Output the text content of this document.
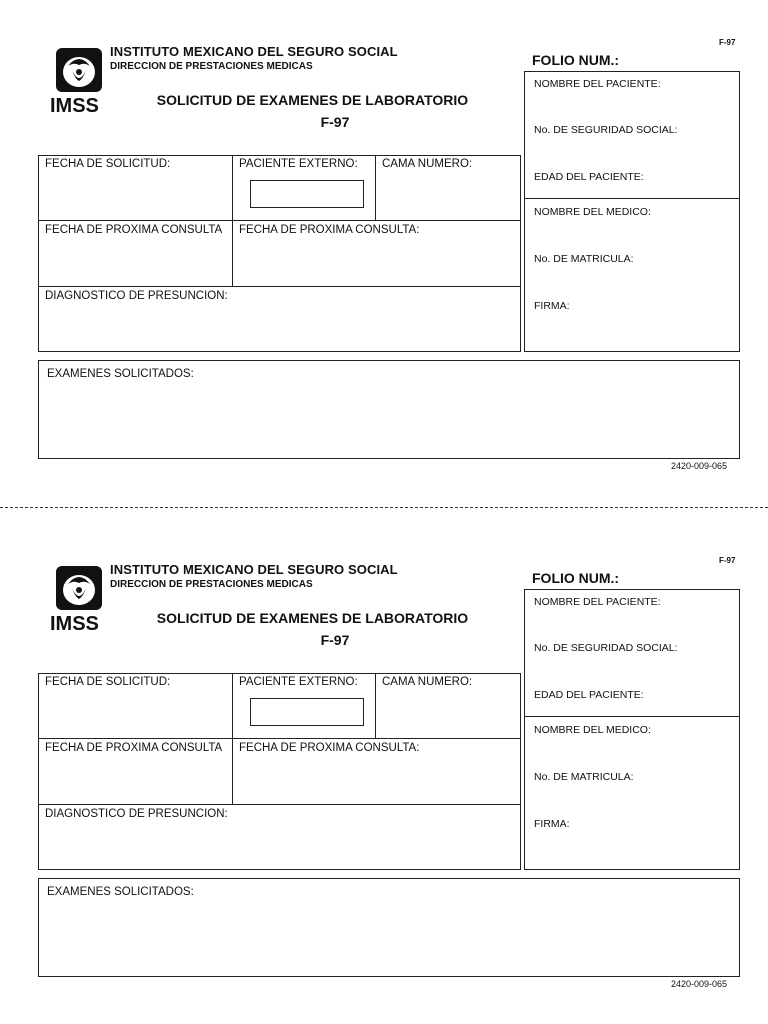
IMSS
INSTITUTO MEXICANO DEL SEGURO SOCIAL
DIRECCION DE PRESTACIONES MEDICAS
SOLICITUD DE EXAMENES DE LABORATORIO
F-97
F-97
FOLIO NUM.:
FECHA DE SOLICITUD:	PACIENTE EXTERNO: CAMA NUMERO:
FECHA DE PROXIMA CONSULTA FECHA DE PROXIMA CONSULTA:
DIAGNOSTICO DE PRESUNCION:
NOMBRE DEL PACIENTE:
No. DE SEGURIDAD SOCIAL:
EDAD DEL PACIENTE:
NOMBRE DEL MEDICO:
No. DE MATRICULA:
FIRMA:
EXAMENES SOLICITADOS:
2420-009-065
IMSS
INSTITUTO MEXICANO DEL SEGURO SOCIAL
DIRECCION DE PRESTACIONES MEDICAS
SOLICITUD DE EXAMENES DE LABORATORIO
F-97
F-97
FOLIO NUM.:
FECHA DE SOLICITUD:	PACIENTE EXTERNO: CAMA NUMERO:
FECHA DE PROXIMA CONSULTA FECHA DE PROXIMA CONSULTA:
DIAGNOSTICO DE PRESUNCION:
NOMBRE DEL PACIENTE:
No. DE SEGURIDAD SOCIAL:
EDAD DEL PACIENTE:
NOMBRE DEL MEDICO:
No. DE MATRICULA:
FIRMA:
EXAMENES SOLICITADOS:
2420-009-065
